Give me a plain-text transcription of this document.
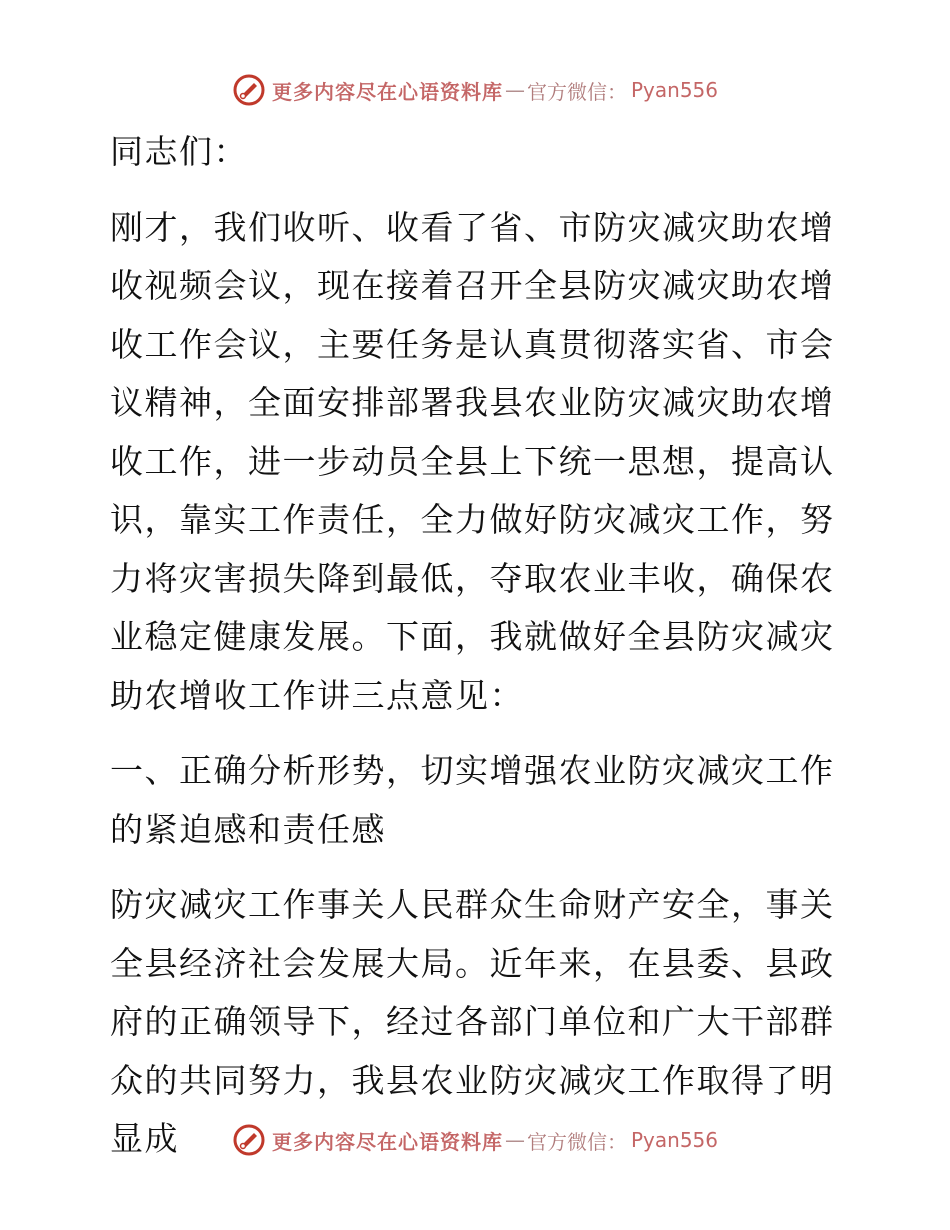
更多内容尽在心语资料库 — 官方微信： Pyan556

同志们：

刚才，我们收听、收看了省、市防灾减灾助农增收视频会议，现在接着召开全县防灾减灾助农增收工作会议，主要任务是认真贯彻落实省、市会议精神，全面安排部署我县农业防灾减灾助农增收工作，进一步动员全县上下统一思想，提高认识，靠实工作责任，全力做好防灾减灾工作，努力将灾害损失降到最低，夺取农业丰收，确保农业稳定健康发展。下面，我就做好全县防灾减灾助农增收工作讲三点意见：

一、正确分析形势，切实增强农业防灾减灾工作的紧迫感和责任感

防灾减灾工作事关人民群众生命财产安全，事关全县经济社会发展大局。近年来，在县委、县政府的正确领导下，经过各部门单位和广大干部群众的共同努力，我县农业防灾减灾工作取得了明显成	更多内容尽在心语资料库 — 官方微信： Pyan556
